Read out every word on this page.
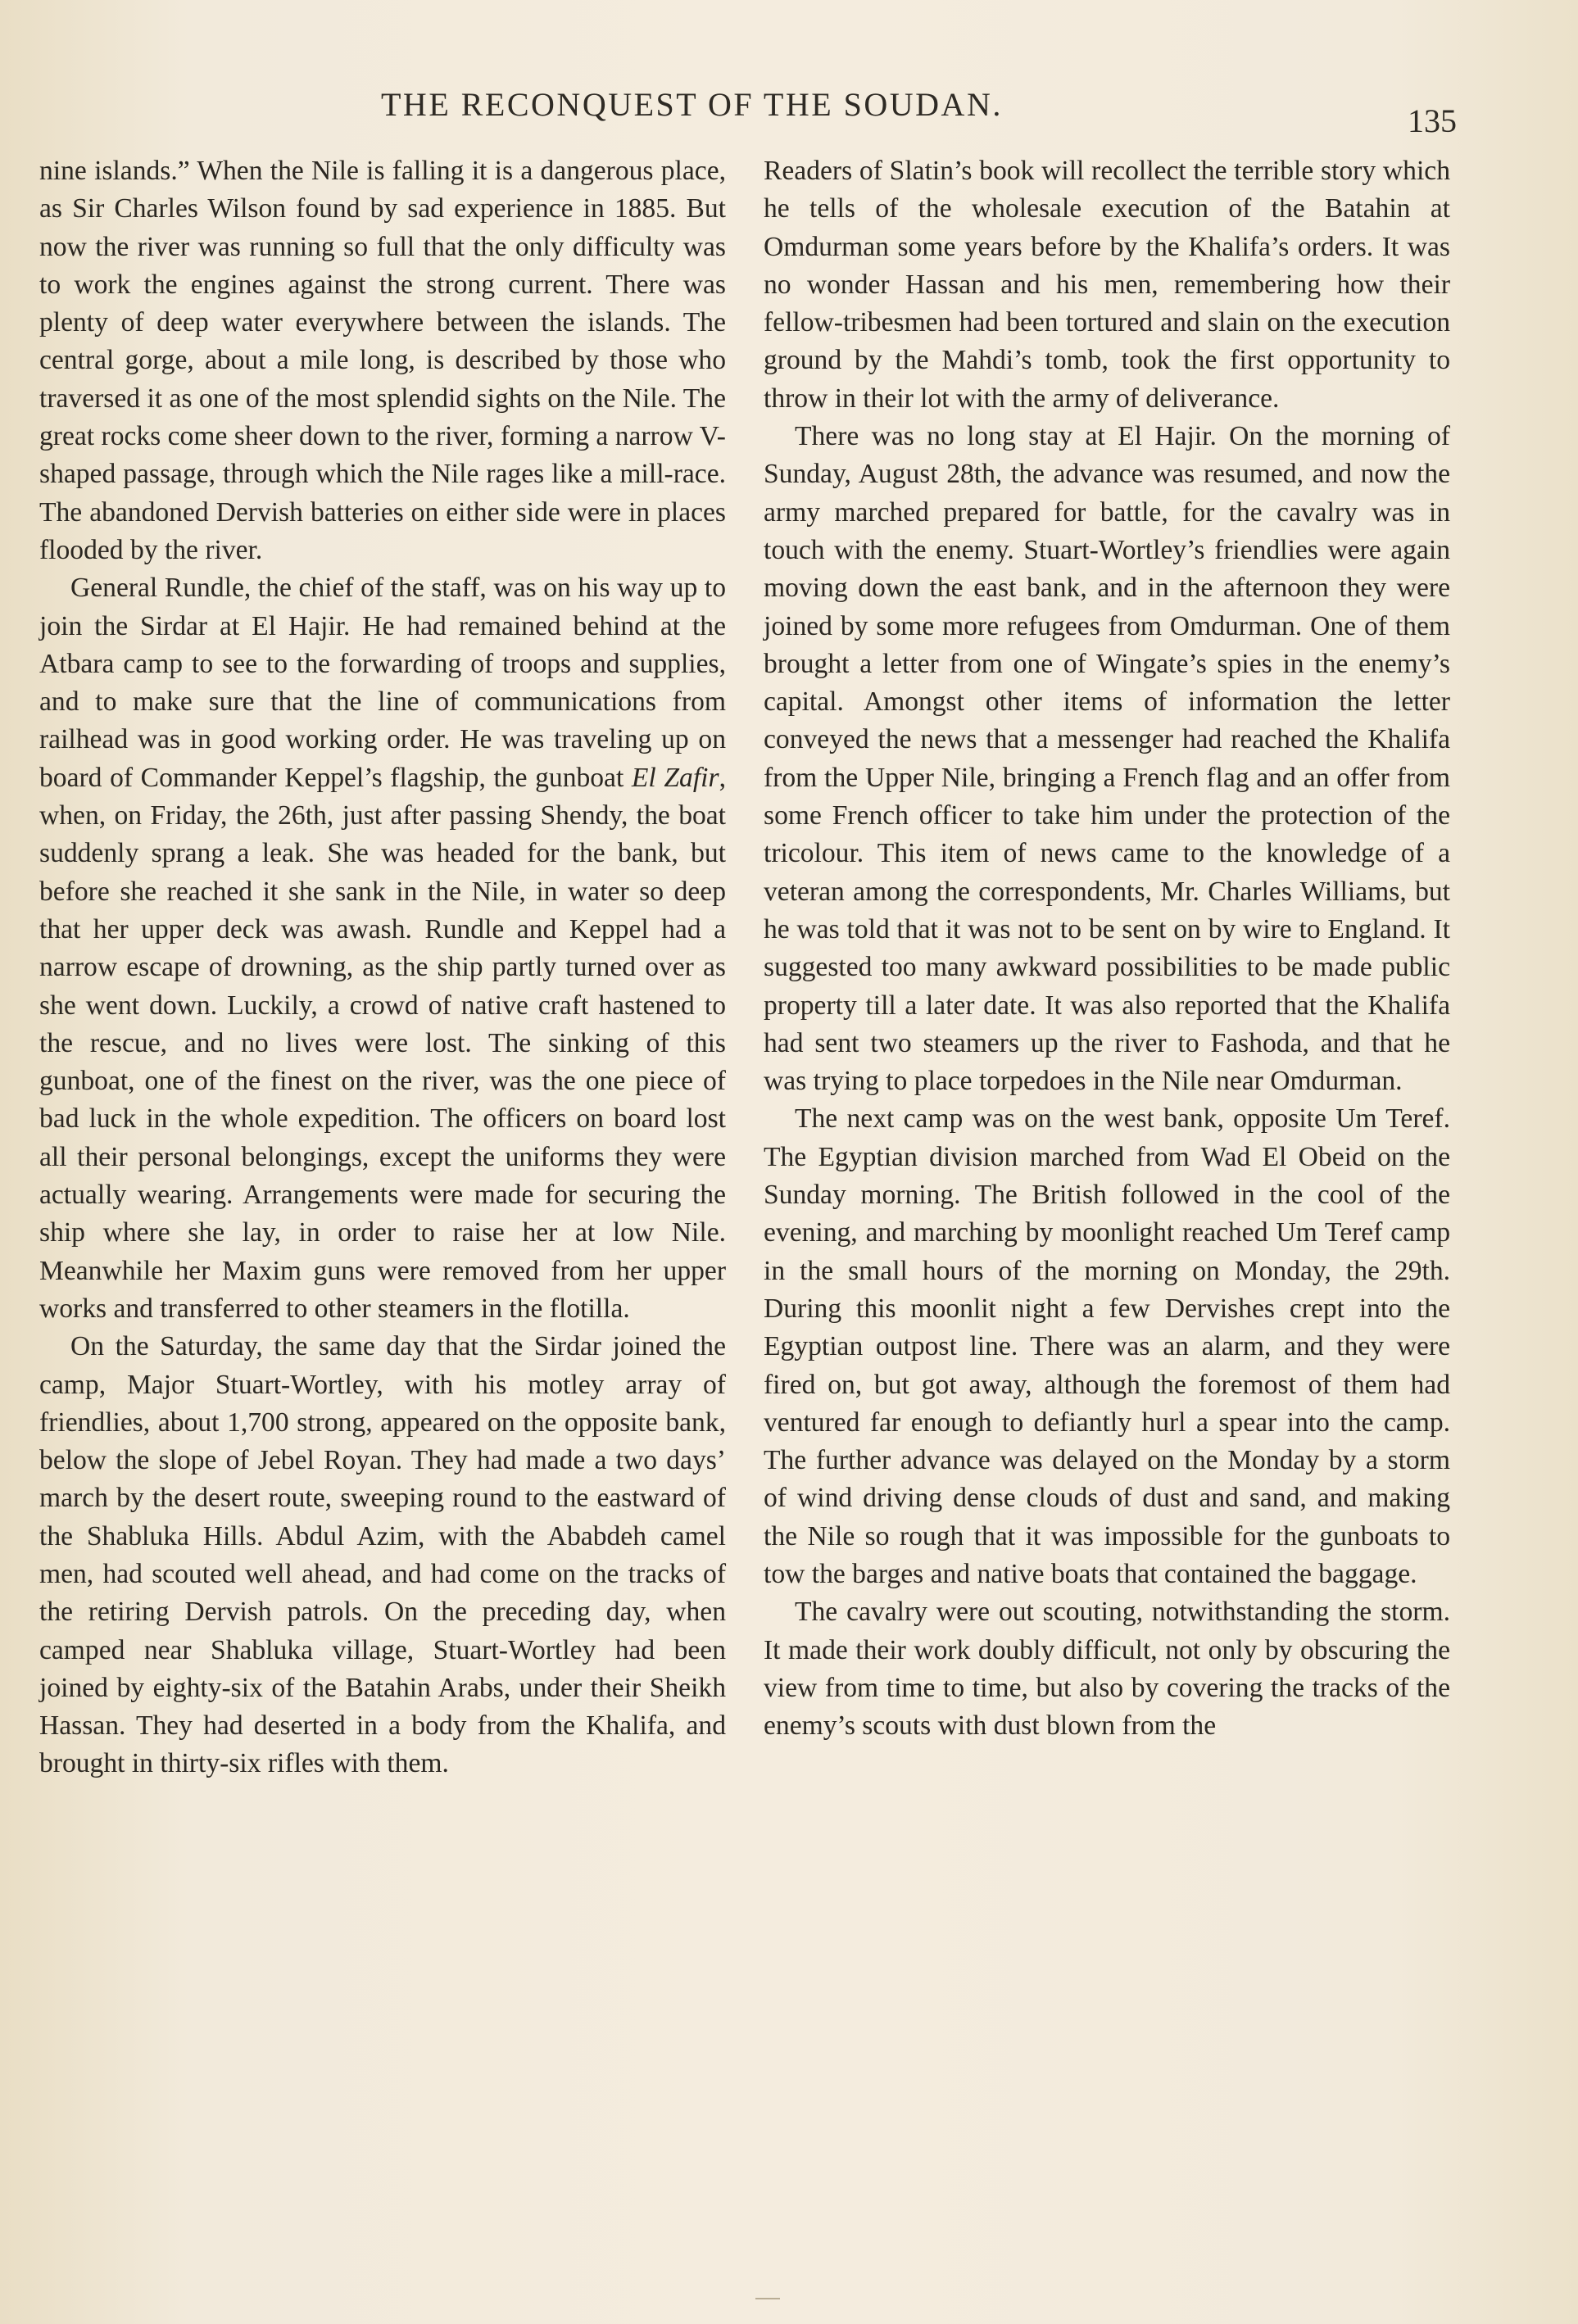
THE RECONQUEST OF THE SOUDAN.	135

nine islands.” When the Nile is falling it is a dangerous place, as Sir Charles Wilson found by sad experience in 1885. But now the river was running so full that the only difficulty was to work the engines against the strong current. There was plenty of deep water everywhere between the islands. The central gorge, about a mile long, is described by those who traversed it as one of the most splendid sights on the Nile. The great rocks come sheer down to the river, forming a narrow V-shaped passage, through which the Nile rages like a mill-race. The abandoned Dervish batteries on either side were in places flooded by the river.

General Rundle, the chief of the staff, was on his way up to join the Sirdar at El Hajir. He had remained behind at the Atbara camp to see to the forwarding of troops and supplies, and to make sure that the line of communications from railhead was in good working order. He was traveling up on board of Commander Keppel’s flagship, the gunboat El Zafir, when, on Friday, the 26th, just after passing Shendy, the boat suddenly sprang a leak. She was headed for the bank, but before she reached it she sank in the Nile, in water so deep that her upper deck was awash. Rundle and Keppel had a narrow escape of drowning, as the ship partly turned over as she went down. Luckily, a crowd of native craft hastened to the rescue, and no lives were lost. The sinking of this gunboat, one of the finest on the river, was the one piece of bad luck in the whole expedition. The officers on board lost all their personal belongings, except the uniforms they were actually wearing. Arrangements were made for securing the ship where she lay, in order to raise her at low Nile. Meanwhile her Maxim guns were removed from her upper works and transferred to other steamers in the flotilla.

On the Saturday, the same day that the Sirdar joined the camp, Major Stuart-Wortley, with his motley array of friendlies, about 1,700 strong, appeared on the opposite bank, below the slope of Jebel Royan. They had made a two days’ march by the desert route, sweeping round to the eastward of the Shabluka Hills. Abdul Azim, with the Ababdeh camel men, had scouted well ahead, and had come on the tracks of the retiring Dervish patrols. On the preceding day, when camped near Shabluka village, Stuart-Wortley had been joined by eighty-six of the Batahin Arabs, under their Sheikh Hassan. They had deserted in a body from the Khalifa, and brought in thirty-six rifles with them.

Readers of Slatin’s book will recollect the terrible story which he tells of the wholesale execution of the Batahin at Omdurman some years before by the Khalifa’s orders. It was no wonder Hassan and his men, remembering how their fellow-tribesmen had been tortured and slain on the execution ground by the Mahdi’s tomb, took the first opportunity to throw in their lot with the army of deliverance.

There was no long stay at El Hajir. On the morning of Sunday, August 28th, the advance was resumed, and now the army marched prepared for battle, for the cavalry was in touch with the enemy. Stuart-Wortley’s friendlies were again moving down the east bank, and in the afternoon they were joined by some more refugees from Omdurman. One of them brought a letter from one of Wingate’s spies in the enemy’s capital. Amongst other items of information the letter conveyed the news that a messenger had reached the Khalifa from the Upper Nile, bringing a French flag and an offer from some French officer to take him under the protection of the tricolour. This item of news came to the knowledge of a veteran among the correspondents, Mr. Charles Williams, but he was told that it was not to be sent on by wire to England. It suggested too many awkward possibilities to be made public property till a later date. It was also reported that the Khalifa had sent two steamers up the river to Fashoda, and that he was trying to place torpedoes in the Nile near Omdurman.

The next camp was on the west bank, opposite Um Teref. The Egyptian division marched from Wad El Obeid on the Sunday morning. The British followed in the cool of the evening, and marching by moonlight reached Um Teref camp in the small hours of the morning on Monday, the 29th. During this moonlit night a few Dervishes crept into the Egyptian outpost line. There was an alarm, and they were fired on, but got away, although the foremost of them had ventured far enough to defiantly hurl a spear into the camp. The further advance was delayed on the Monday by a storm of wind driving dense clouds of dust and sand, and making the Nile so rough that it was impossible for the gunboats to tow the barges and native boats that contained the baggage.

The cavalry were out scouting, notwithstanding the storm. It made their work doubly difficult, not only by obscuring the view from time to time, but also by covering the tracks of the enemy’s scouts with dust blown from the
